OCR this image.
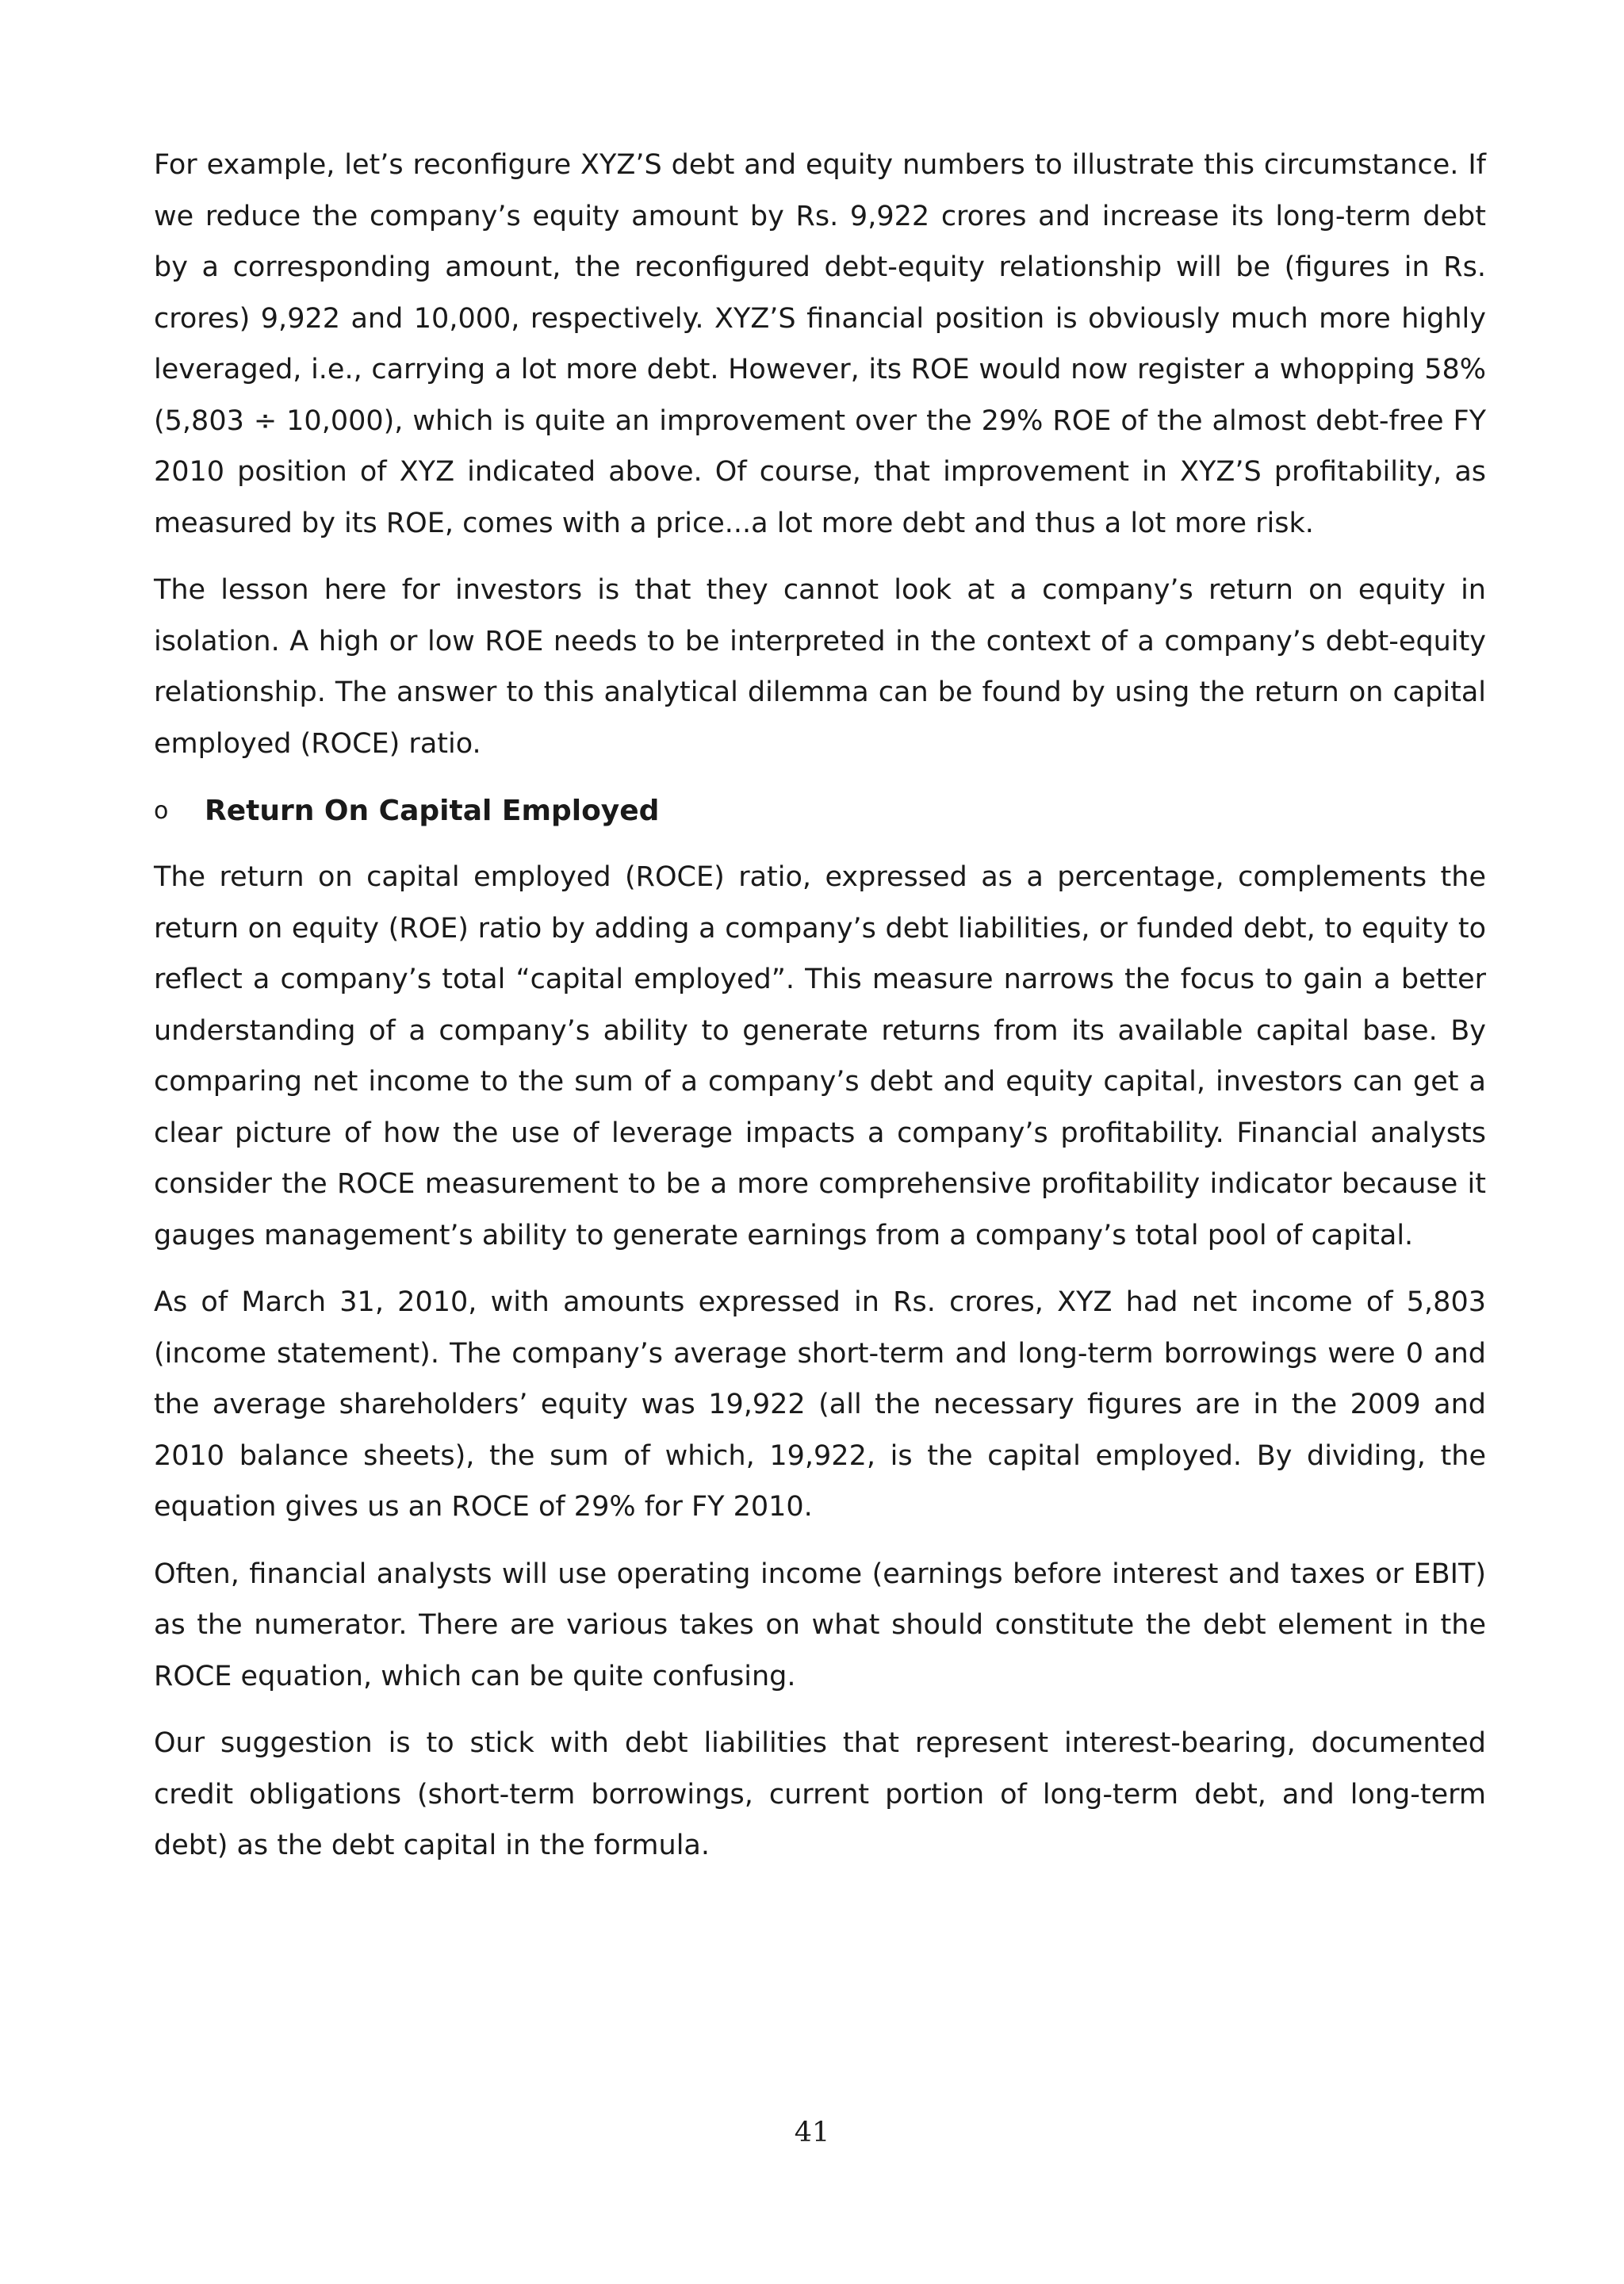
For example, let’s reconfigure XYZ’S debt and equity numbers to illustrate this circumstance. If we reduce the company’s equity amount by Rs. 9,922 crores and increase its long-term debt by a corresponding amount, the reconfigured debt-equity relationship will be (figures in Rs. crores) 9,922 and 10,000, respectively. XYZ’S financial position is obviously much more highly leveraged, i.e., carrying a lot more debt. However, its ROE would now register a whopping 58% (5,803 ÷ 10,000), which is quite an improvement over the 29% ROE of the almost debt-free FY 2010 position of XYZ indicated above. Of course, that improvement in XYZ’S profitability, as measured by its ROE, comes with a price...a lot more debt and thus a lot more risk.

The lesson here for investors is that they cannot look at a company’s return on equity in isolation. A high or low ROE needs to be interpreted in the context of a company’s debt-equity relationship. The answer to this analytical dilemma can be found by using the return on capital employed (ROCE) ratio.

o	Return On Capital Employed

The return on capital employed (ROCE) ratio, expressed as a percentage, complements the return on equity (ROE) ratio by adding a company’s debt liabilities, or funded debt, to equity to reflect a company’s total “capital employed”. This measure narrows the focus to gain a better understanding of a company’s ability to generate returns from its available capital base. By comparing net income to the sum of a company’s debt and equity capital, investors can get a clear picture of how the use of leverage impacts a company’s profitability. Financial analysts consider the ROCE measurement to be a more comprehensive profitability indicator because it gauges management’s ability to generate earnings from a company’s total pool of capital.

As of March 31, 2010, with amounts expressed in Rs. crores, XYZ had net income of 5,803 (income statement). The company’s average short-term and long-term borrowings were 0 and the average shareholders’ equity was 19,922 (all the necessary figures are in the 2009 and 2010 balance sheets), the sum of which, 19,922, is the capital employed. By dividing, the equation gives us an ROCE of 29% for FY 2010.

Often, financial analysts will use operating income (earnings before interest and taxes or EBIT) as the numerator. There are various takes on what should constitute the debt element in the ROCE equation, which can be quite confusing.

Our suggestion is to stick with debt liabilities that represent interest-bearing, documented credit obligations (short-term borrowings, current portion of long-term debt, and long-term debt) as the debt capital in the formula.

41
